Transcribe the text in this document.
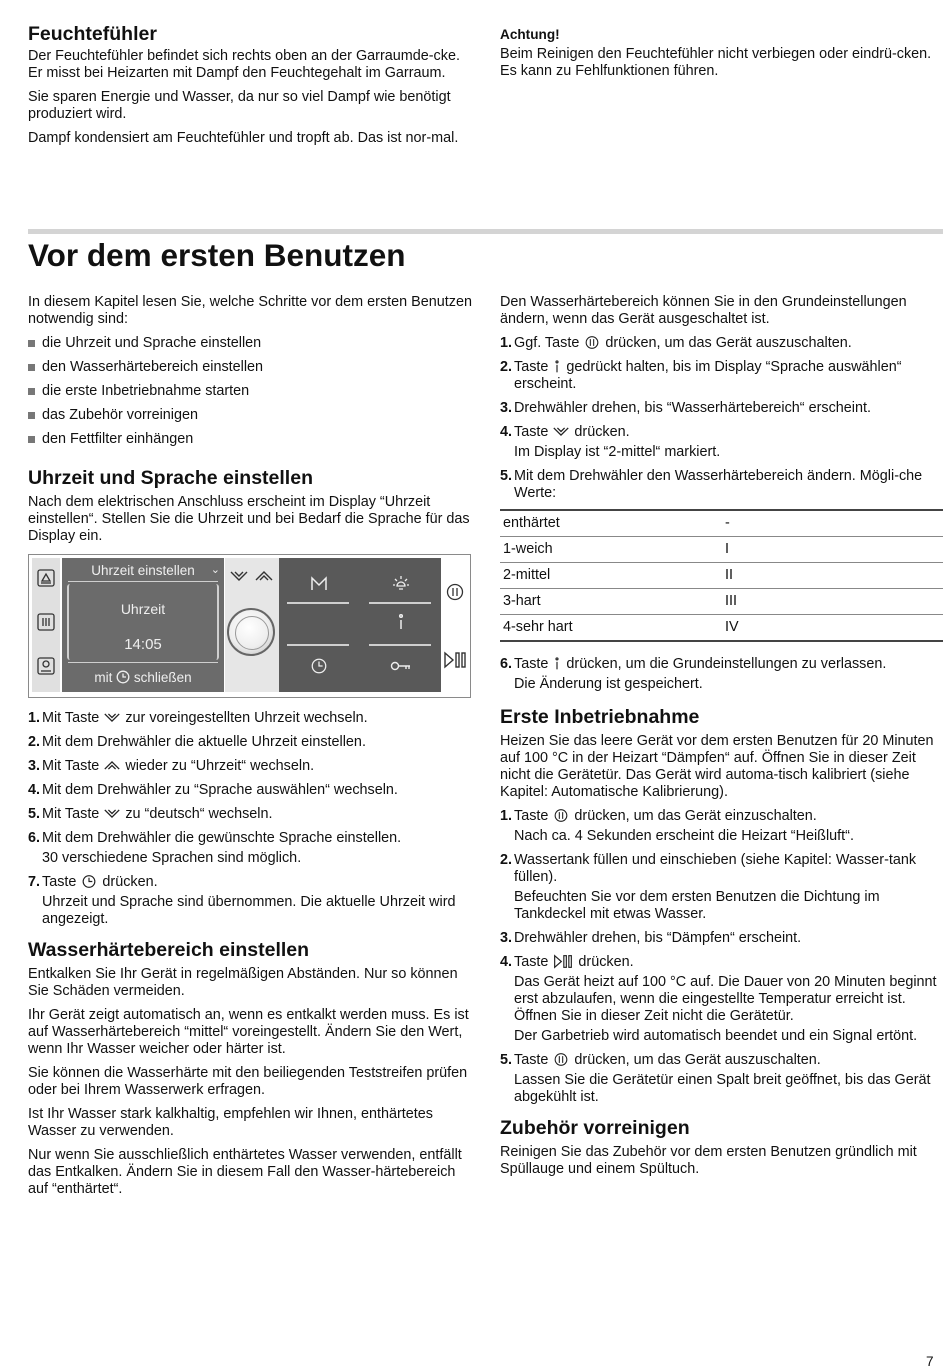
Feuchtefühler

Der Feuchtefühler befindet sich rechts oben an der Garraumde-cke. Er misst bei Heizarten mit Dampf den Feuchtegehalt im Garraum.

Sie sparen Energie und Wasser, da nur so viel Dampf wie benötigt produziert wird.

Dampf kondensiert am Feuchtefühler und tropft ab. Das ist nor-mal.

Achtung!

Beim Reinigen den Feuchtefühler nicht verbiegen oder eindrü-cken. Es kann zu Fehlfunktionen führen.

Vor dem ersten Benutzen

In diesem Kapitel lesen Sie, welche Schritte vor dem ersten Benutzen notwendig sind:

die Uhrzeit und Sprache einstellen
den Wasserhärtebereich einstellen
die erste Inbetriebnahme starten
das Zubehör vorreinigen
den Fettfilter einhängen
Uhrzeit und Sprache einstellen

Nach dem elektrischen Anschluss erscheint im Display “Uhrzeit einstellen“. Stellen Sie die Uhrzeit und bei Bedarf die Sprache für das Display ein.

Uhrzeit einstellen	⌄
Uhrzeit
14:05
mit schließen
1. Mit Taste zur voreingestellten Uhrzeit wechseln.
2. Mit dem Drehwähler die aktuelle Uhrzeit einstellen.
3. Mit Taste wieder zu “Uhrzeit“ wechseln.
4. Mit dem Drehwähler zu “Sprache auswählen“ wechseln.
5. Mit Taste zu “deutsch“ wechseln.
6. Mit dem Drehwähler die gewünschte Sprache einstellen.
30 verschiedene Sprachen sind möglich.
7. Taste drücken.
Uhrzeit und Sprache sind übernommen. Die aktuelle Uhrzeit wird angezeigt.
Wasserhärtebereich einstellen

Entkalken Sie Ihr Gerät in regelmäßigen Abständen. Nur so können Sie Schäden vermeiden.

Ihr Gerät zeigt automatisch an, wenn es entkalkt werden muss. Es ist auf Wasserhärtebereich “mittel“ voreingestellt. Ändern Sie den Wert, wenn Ihr Wasser weicher oder härter ist.

Sie können die Wasserhärte mit den beiliegenden Teststreifen prüfen oder bei Ihrem Wasserwerk erfragen.

Ist Ihr Wasser stark kalkhaltig, empfehlen wir Ihnen, enthärtetes Wasser zu verwenden.

Nur wenn Sie ausschließlich enthärtetes Wasser verwenden, entfällt das Entkalken. Ändern Sie in diesem Fall den Wasser-härtebereich auf “enthärtet“.

Den Wasserhärtebereich können Sie in den Grundeinstellungen ändern, wenn das Gerät ausgeschaltet ist.

1. Ggf. Taste drücken, um das Gerät auszuschalten.
2. Taste gedrückt halten, bis im Display “Sprache auswählen“ erscheint.
3. Drehwähler drehen, bis “Wasserhärtebereich“ erscheint.
4. Taste drücken.
Im Display ist “2-mittel“ markiert.
5. Mit dem Drehwähler den Wasserhärtebereich ändern. Mögli-che Werte:
enthärtet	-
1-weich	I
2-mittel	II
3-hart	III
4-sehr hart	IV
6. Taste drücken, um die Grundeinstellungen zu verlassen.
Die Änderung ist gespeichert.
Erste Inbetriebnahme

Heizen Sie das leere Gerät vor dem ersten Benutzen für 20 Minuten auf 100 °C in der Heizart “Dämpfen“ auf. Öffnen Sie in dieser Zeit nicht die Gerätetür. Das Gerät wird automa-tisch kalibriert (siehe Kapitel: Automatische Kalibrierung).

1. Taste drücken, um das Gerät einzuschalten.
Nach ca. 4 Sekunden erscheint die Heizart “Heißluft“.
2. Wassertank füllen und einschieben (siehe Kapitel: Wasser-tank füllen).
Befeuchten Sie vor dem ersten Benutzen die Dichtung im Tankdeckel mit etwas Wasser.
3. Drehwähler drehen, bis “Dämpfen“ erscheint.
4. Taste drücken.
Das Gerät heizt auf 100 °C auf. Die Dauer von 20 Minuten beginnt erst abzulaufen, wenn die eingestellte Temperatur erreicht ist. Öffnen Sie in dieser Zeit nicht die Gerätetür.
Der Garbetrieb wird automatisch beendet und ein Signal ertönt.
5. Taste drücken, um das Gerät auszuschalten.
Lassen Sie die Gerätetür einen Spalt breit geöffnet, bis das Gerät abgekühlt ist.
Zubehör vorreinigen

Reinigen Sie das Zubehör vor dem ersten Benutzen gründlich mit Spüllauge und einem Spültuch.

7
